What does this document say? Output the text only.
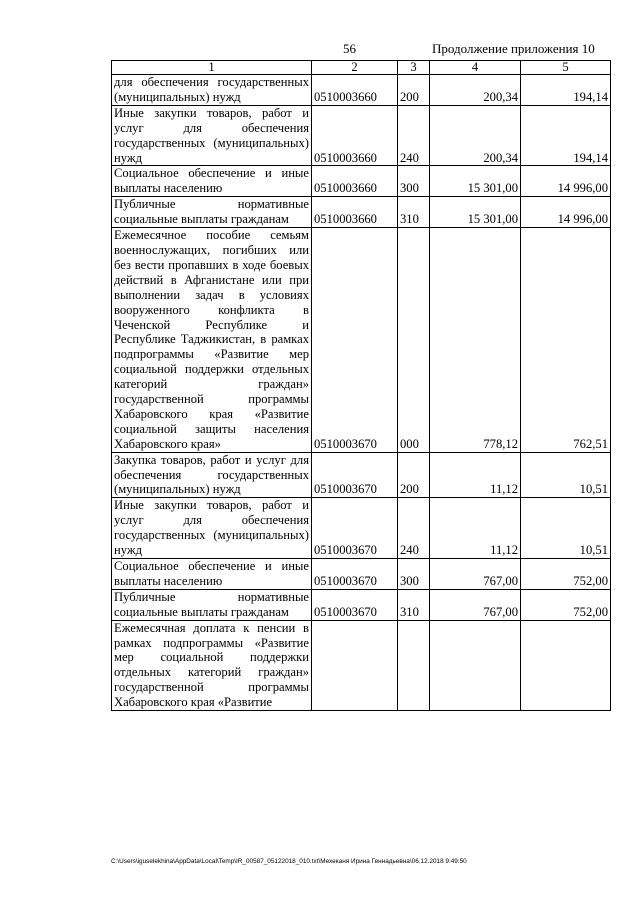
56	Продолжение приложения 10
1	2	3	4	5
для обеспечения государственных (муниципальных) нужд	0510003660	200	200,34	194,14
Иные закупки товаров, работ и услуг для обеспечения государственных (муниципальных) нужд	0510003660	240	200,34	194,14
Социальное обеспечение и иные выплаты населению	0510003660	300	15 301,00	14 996,00
Публичные нормативные социальные выплаты гражданам	0510003660	310	15 301,00	14 996,00
Ежемесячное пособие семьям военнослужащих, погибших или без вести пропавших в ходе боевых действий в Афганистане или при выполнении задач в условиях вооруженного конфликта в Чеченской Республике и Республике Таджикистан, в рамках подпрограммы «Развитие мер социальной поддержки отдельных категорий граждан» государственной программы Хабаровского края «Развитие социальной защиты населения Хабаровского края»	0510003670	000	778,12	762,51
Закупка товаров, работ и услуг для обеспечения государственных (муниципальных) нужд	0510003670	200	11,12	10,51
Иные закупки товаров, работ и услуг для обеспечения государственных (муниципальных) нужд	0510003670	240	11,12	10,51
Социальное обеспечение и иные выплаты населению	0510003670	300	767,00	752,00
Публичные нормативные социальные выплаты гражданам	0510003670	310	767,00	752,00
Ежемесячная доплата к пенсии в рамках подпрограммы «Развитие мер социальной поддержки отдельных категорий граждан» государственной программы Хабаровского края «Развитие				
C:\Users\iguselekhina\AppData\Local\Temp\IR_00587_05122018_010.txt\Мехеканя Ирина Геннадьевна\06.12.2018 9:49:50
